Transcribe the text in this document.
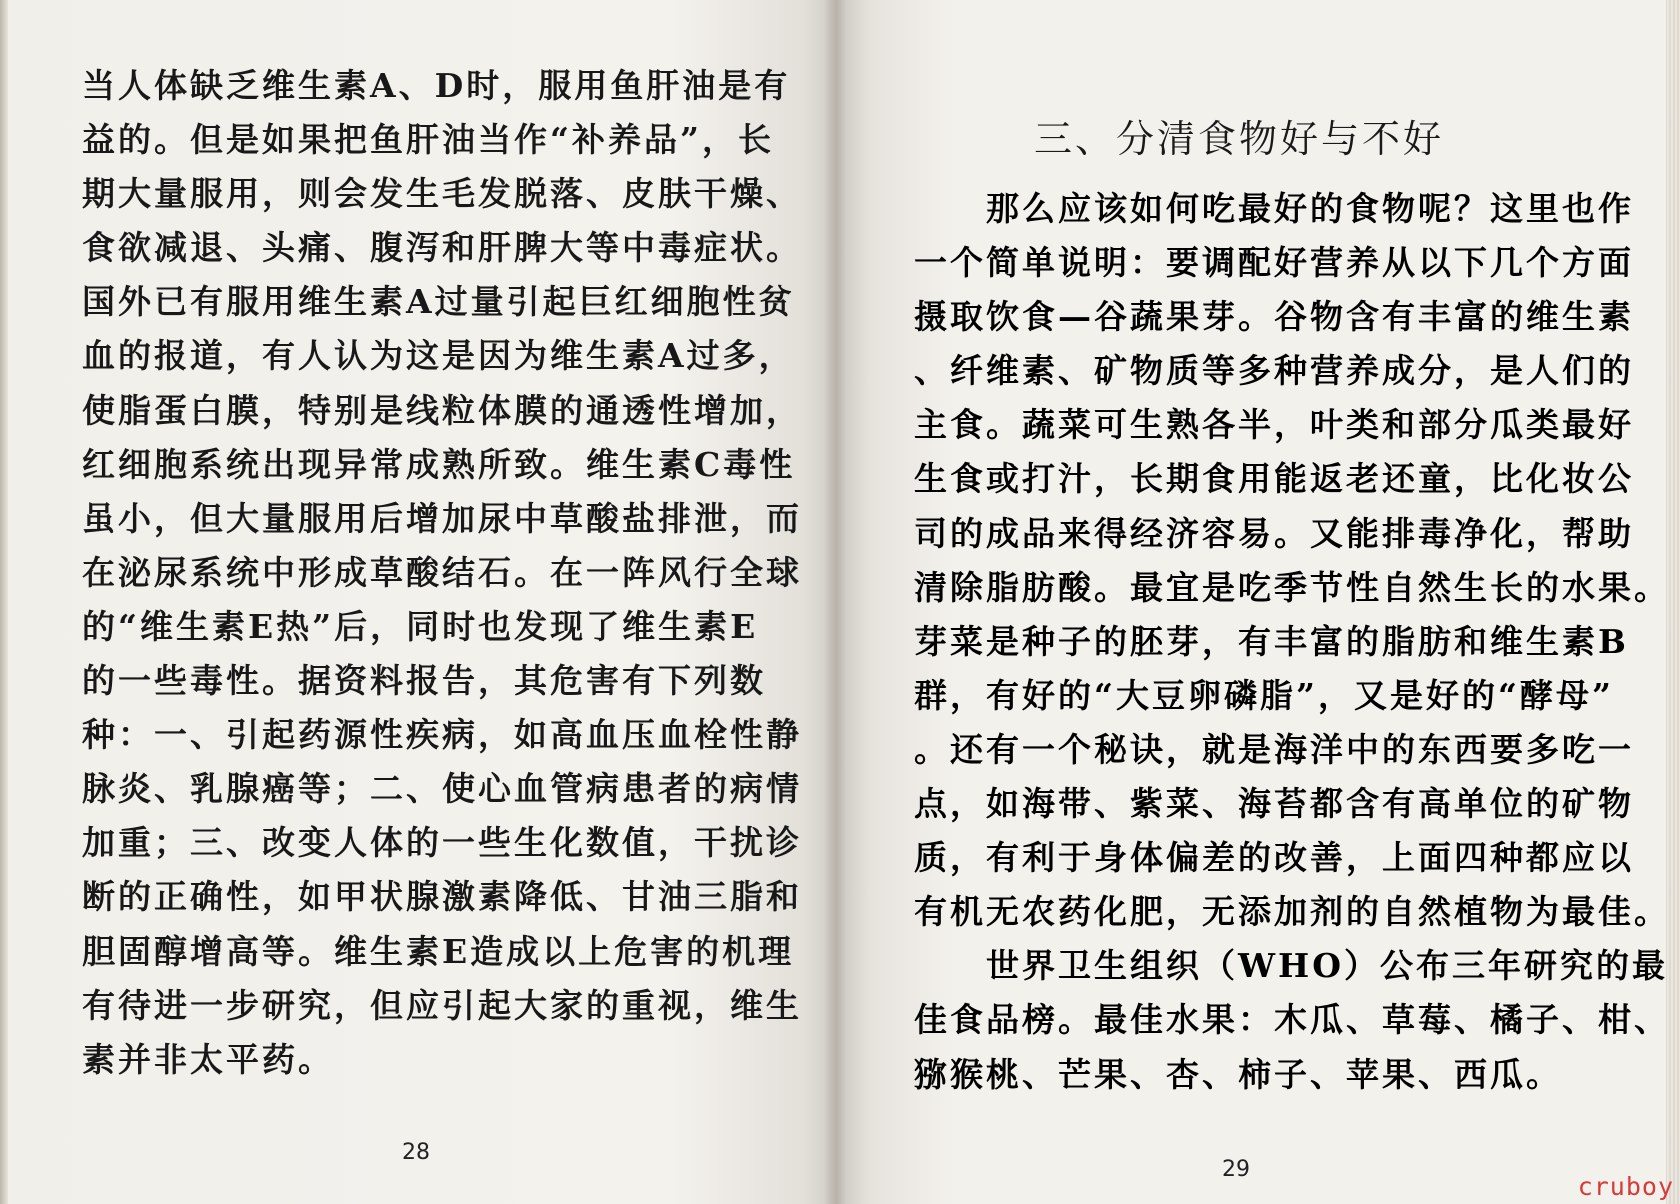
当人体缺乏维生素A、D时，服用鱼肝油是有

益的。但是如果把鱼肝油当作“补养品”，长

期大量服用，则会发生毛发脱落、皮肤干燥、

食欲减退、头痛、腹泻和肝脾大等中毒症状。

国外已有服用维生素A过量引起巨红细胞性贫

血的报道，有人认为这是因为维生素A过多，

使脂蛋白膜，特别是线粒体膜的通透性增加，

红细胞系统出现异常成熟所致。维生素C毒性

虽小，但大量服用后增加尿中草酸盐排泄，而

在泌尿系统中形成草酸结石。在一阵风行全球

的“维生素E热”后，同时也发现了维生素E

的一些毒性。据资料报告，其危害有下列数

种：一、引起药源性疾病，如高血压血栓性静

脉炎、乳腺癌等；二、使心血管病患者的病情

加重；三、改变人体的一些生化数值，干扰诊

断的正确性，如甲状腺激素降低、甘油三脂和

胆固醇增高等。维生素E造成以上危害的机理

有待进一步研究，但应引起大家的重视，维生

素并非太平药。

28
三、分清食物好与不好

　　那么应该如何吃最好的食物呢？这里也作

一个简单说明：要调配好营养从以下几个方面

摄取饮食—谷蔬果芽。谷物含有丰富的维生素

、纤维素、矿物质等多种营养成分，是人们的

主食。蔬菜可生熟各半，叶类和部分瓜类最好

生食或打汁，长期食用能返老还童，比化妆公

司的成品来得经济容易。又能排毒净化，帮助

清除脂肪酸。最宜是吃季节性自然生长的水果。

芽菜是种子的胚芽，有丰富的脂肪和维生素B

群，有好的“大豆卵磷脂”，又是好的“酵母”

。还有一个秘诀，就是海洋中的东西要多吃一

点，如海带、紫菜、海苔都含有高单位的矿物

质，有利于身体偏差的改善，上面四种都应以

有机无农药化肥，无添加剂的自然植物为最佳。

　　世界卫生组织（WHO）公布三年研究的最

佳食品榜。最佳水果：木瓜、草莓、橘子、柑、

猕猴桃、芒果、杏、柿子、苹果、西瓜。

29
cruboy
